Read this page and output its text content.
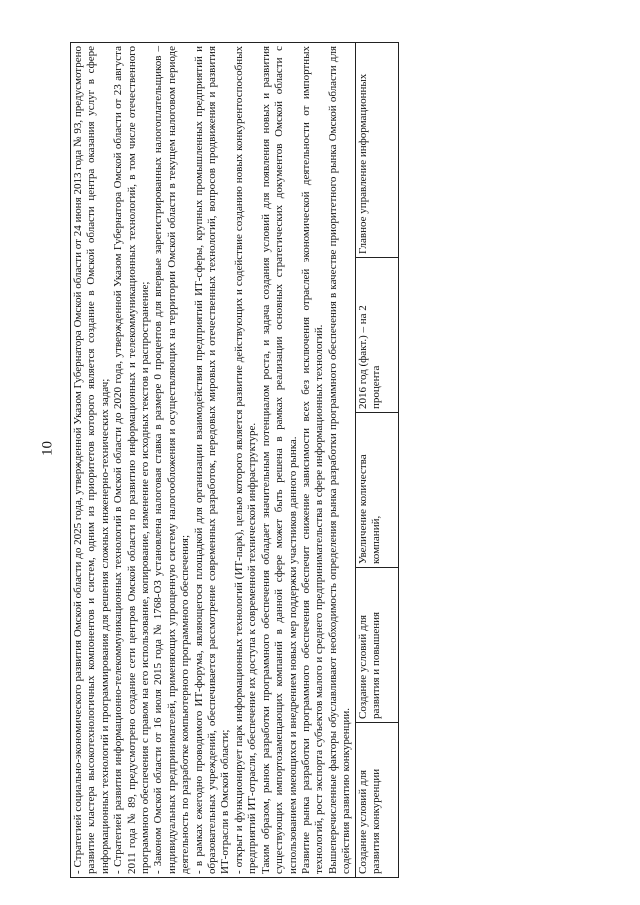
10 - Стратегией социально-экономического развития Омской области до 2025 года, утвержденной Указом Губернатора Омской области от 24 июня 2013 года № 93, предусмотрено развитие кластера высокотехнологичных компонентов и систем, одним из приоритетов которого является создание в Омской области центра оказания услуг в сфере информационных технологий и программирования для решения сложных инженерно-технических задач; - Стратегией развития информационно-телекоммуникационных технологий в Омской области до 2020 года, утвержденной Указом Губернатора Омской области от 23 августа 2011 года № 89, предусмотрено создание сети центров Омской области по развитию информационных и телекоммуникационных технологий, в том числе отечественного программного обеспечения с правом на его использование, копирование, изменение его исходных текстов и распространение; - Законом Омской области от 16 июля 2015 года № 1768-ОЗ установлена налоговая ставка в размере 0 процентов для впервые зарегистрированных налогоплательщиков – индивидуальных предпринимателей, применяющих упрощенную систему налогообложения и осуществляющих на территории Омской области в текущем налоговом периоде деятельность по разработке компьютерного программного обеспечения; - в рамках ежегодно проводимого ИТ-форума, являющегося площадкой для организации взаимодействия предприятий ИТ-сферы, крупных промышленных предприятий и образовательных учреждений, обеспечивается рассмотрение современных разработок, передовых мировых и отечественных технологий, вопросов продвижения и развития ИТ-отрасли в Омской области; - открыт и функционирует парк информационных технологий (ИТ-парк), целью которого является развитие действующих и содействие созданию новых конкурентоспособных предприятий ИТ-отрасли, обеспечение их доступа к современной технической инфраструктуре. Таким образом, рынок разработки программного обеспечения обладает значительным потенциалом роста, и задача создания условий для появления новых и развития существующих импортозамещающих компаний в данной сфере может быть решена в рамках реализации основных стратегических документов Омской области с использованием имеющихся и внедрением новых мер поддержки участников данного рынка. Развитие рынка разработки программного обеспечения обеспечит снижение зависимости всех без исключения отраслей экономической деятельности от импортных технологий, рост экспорта субъектов малого и среднего предпринимательства в сфере информационных технологий. Вышеперечисленные факторы обуславливают необходимость определения рынка разработки программного обеспечения в качестве приоритетного рынка Омской области для содействия развитию конкуренции.

Создание условий для развития конкуренции	Создание условий для развития и повышения	Увеличение количества компаний,	2016 год (факт.) – на 2 процента	Главное управление информационных
